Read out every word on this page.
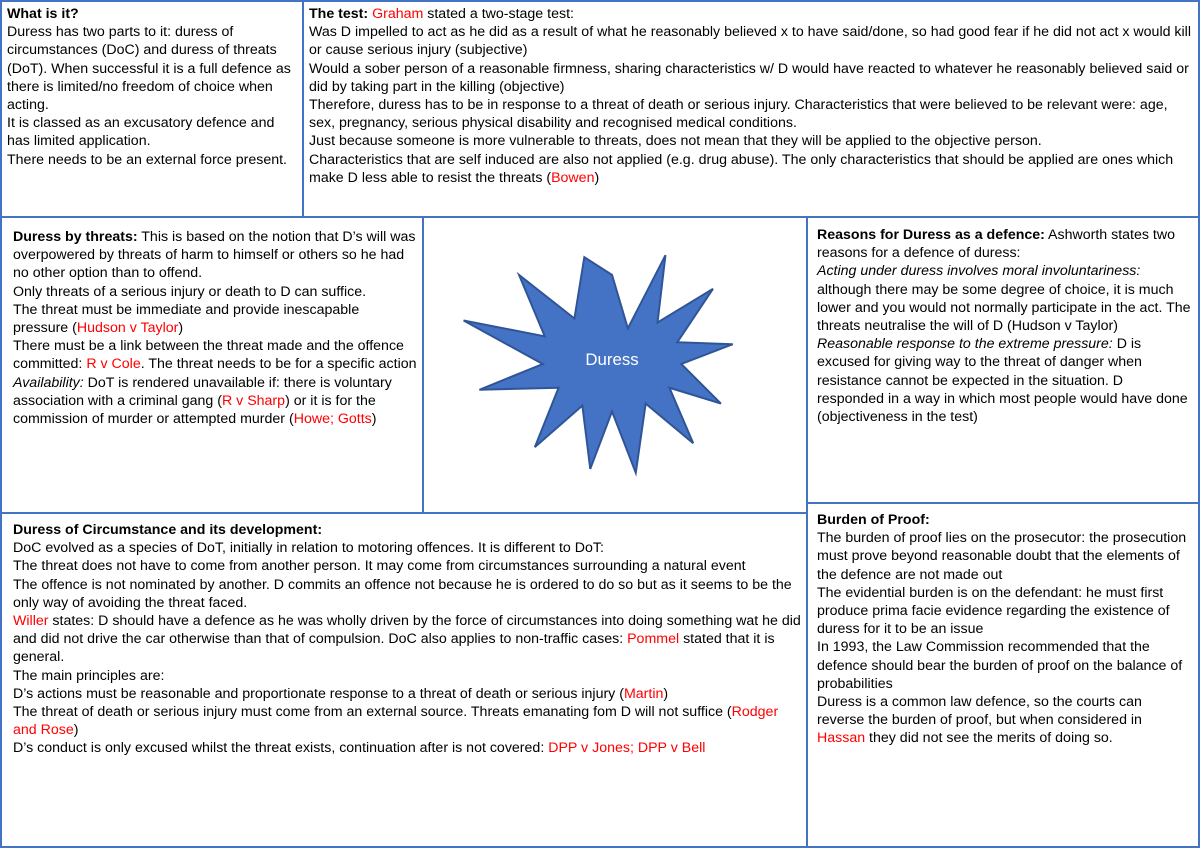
What is it?

Duress has two parts to it: duress of circumstances (DoC) and duress of threats (DoT). When successful it is a full defence as there is limited/no freedom of choice when acting.

It is classed as an excusatory defence and has limited application.

There needs to be an external force present.

The test: Graham stated a two-stage test:

Was D impelled to act as he did as a result of what he reasonably believed x to have said/done, so had good fear if he did not act x would kill or cause serious injury (subjective)

Would a sober person of a reasonable firmness, sharing characteristics w/ D would have reacted to whatever he reasonably believed said or did by taking part in the killing (objective)

Therefore, duress has to be in response to a threat of death or serious injury. Characteristics that were believed to be relevant were: age, sex, pregnancy, serious physical disability and recognised medical conditions.

Just because someone is more vulnerable to threats, does not mean that they will be applied to the objective person.

Characteristics that are self induced are also not applied (e.g. drug abuse). The only characteristics that should be applied are ones which make D less able to resist the threats (Bowen)

Duress by threats: This is based on the notion that D’s will was overpowered by threats of harm to himself or others so he had no other option than to offend.

Only threats of a serious injury or death to D can suffice.

The threat must be immediate and provide inescapable pressure (Hudson v Taylor)

There must be a link between the threat made and the offence committed: R v Cole. The threat needs to be for a specific action

Availability: DoT is rendered unavailable if: there is voluntary association with a criminal gang (R v Sharp) or it is for the commission of murder or attempted murder (Howe; Gotts)

Duress

Reasons for Duress as a defence: Ashworth states two reasons for a defence of duress:

Acting under duress involves moral involuntariness: although there may be some degree of choice, it is much lower and you would not normally participate in the act. The threats neutralise the will of D (Hudson v Taylor)

Reasonable response to the extreme pressure: D is excused for giving way to the threat of danger when resistance cannot be expected in the situation. D responded in a way in which most people would have done (objectiveness in the test)

Duress of Circumstance and its development:

DoC evolved as a species of DoT, initially in relation to motoring offences. It is different to DoT:

The threat does not have to come from another person. It may come from circumstances surrounding a natural event

The offence is not nominated by another. D commits an offence not because he is ordered to do so but as it seems to be the only way of avoiding the threat faced.

Willer states: D should have a defence as he was wholly driven by the force of circumstances into doing something wat he did and did not drive the car otherwise than that of compulsion. DoC also applies to non-traffic cases: Pommel stated that it is general.

The main principles are:

D’s actions must be reasonable and proportionate response to a threat of death or serious injury (Martin)

The threat of death or serious injury must come from an external source. Threats emanating fom D will not suffice (Rodger and Rose)

D’s conduct is only excused whilst the threat exists, continuation after is not covered: DPP v Jones; DPP v Bell

Burden of Proof:

The burden of proof lies on the prosecutor: the prosecution must prove beyond reasonable doubt that the elements of the defence are not made out

The evidential burden is on the defendant: he must first produce prima facie evidence regarding the existence of duress for it to be an issue

In 1993, the Law Commission recommended that the defence should bear the burden of proof on the balance of probabilities

Duress is a common law defence, so the courts can reverse the burden of proof, but when considered in Hassan they did not see the merits of doing so.
